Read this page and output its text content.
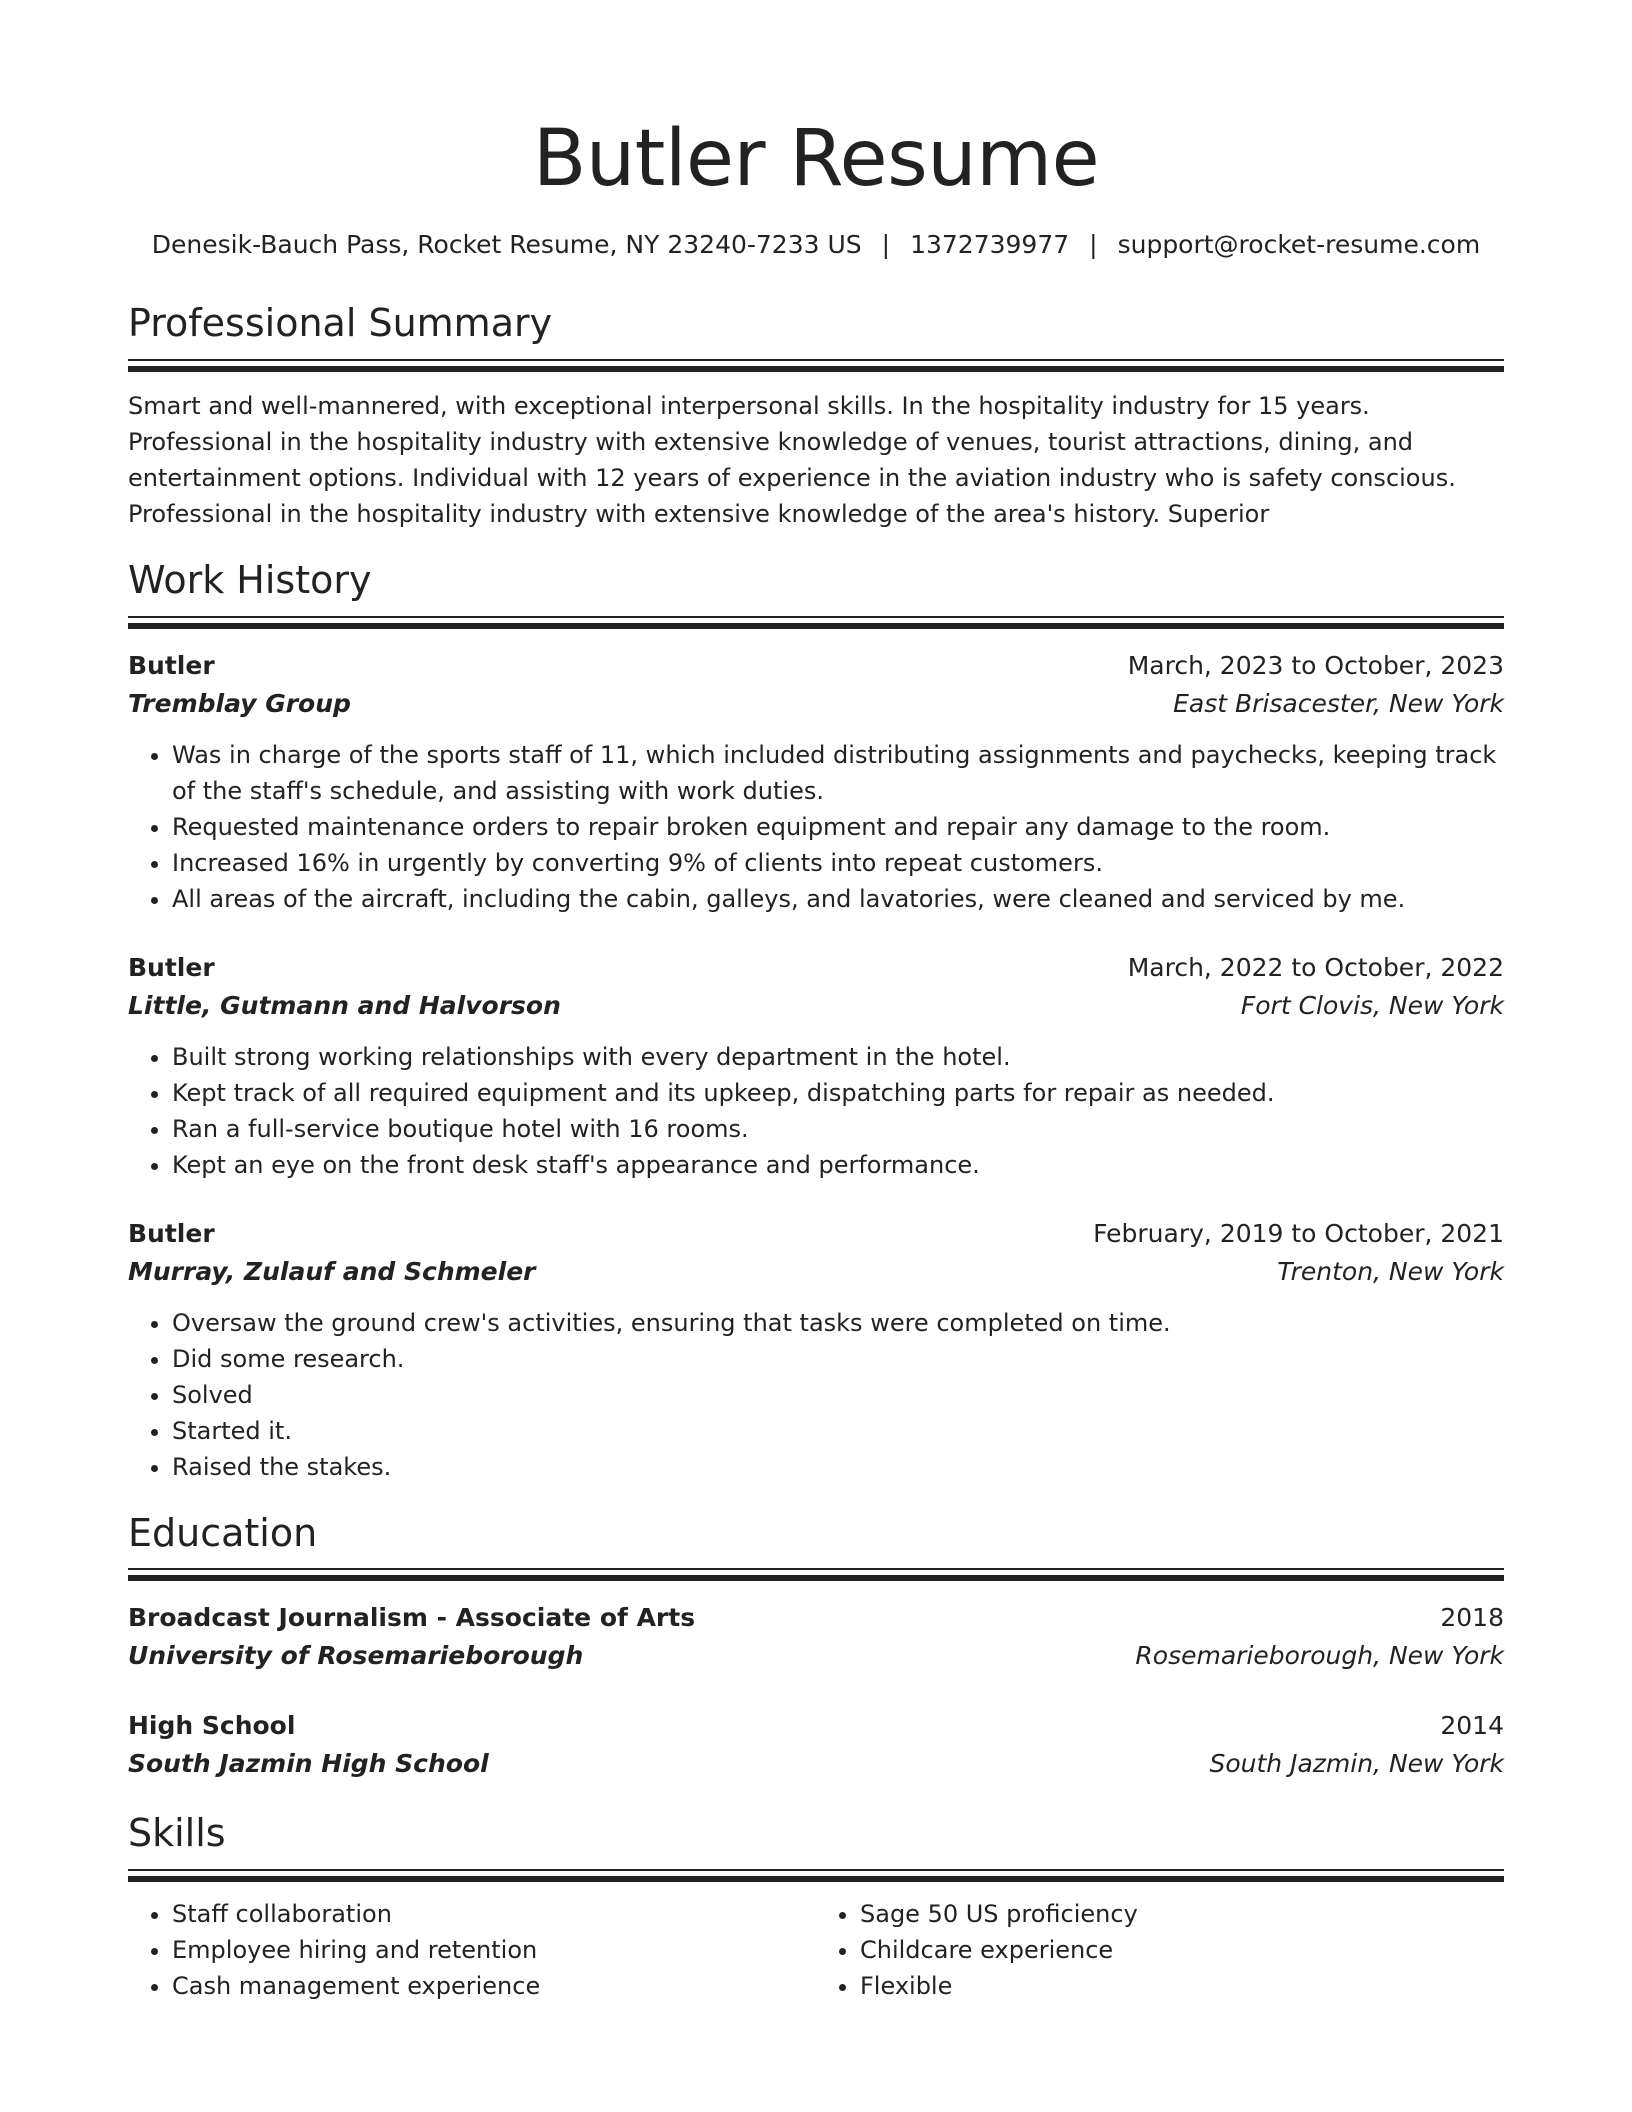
Butler Resume
Denesik-Bauch Pass, Rocket Resume, NY 23240-7233 US | 1372739977 | support@rocket-resume.com
Professional Summary

Smart and well-mannered, with exceptional interpersonal skills. In the hospitality industry for 15 years. Professional in the hospitality industry with extensive knowledge of venues, tourist attractions, dining, and entertainment options. Individual with 12 years of experience in the aviation industry who is safety conscious. Professional in the hospitality industry with extensive knowledge of the area's history. Superior

Work History
Butler	March, 2023 to October, 2023
Tremblay Group	East Brisacester, New York
• Was in charge of the sports staff of 11, which included distributing assignments and paychecks, keeping track of the staff's schedule, and assisting with work duties.
• Requested maintenance orders to repair broken equipment and repair any damage to the room.
• Increased 16% in urgently by converting 9% of clients into repeat customers.
• All areas of the aircraft, including the cabin, galleys, and lavatories, were cleaned and serviced by me.
Butler	March, 2022 to October, 2022
Little, Gutmann and Halvorson	Fort Clovis, New York
• Built strong working relationships with every department in the hotel.
• Kept track of all required equipment and its upkeep, dispatching parts for repair as needed.
• Ran a full-service boutique hotel with 16 rooms.
• Kept an eye on the front desk staff's appearance and performance.
Butler	February, 2019 to October, 2021
Murray, Zulauf and Schmeler	Trenton, New York
• Oversaw the ground crew's activities, ensuring that tasks were completed on time.
• Did some research.
• Solved
• Started it.
• Raised the stakes.
Education
Broadcast Journalism - Associate of Arts	2018
University of Rosemarieborough	Rosemarieborough, New York
High School	2014
South Jazmin High School	South Jazmin, New York
Skills
• Staff collaboration
• Employee hiring and retention
• Cash management experience
• Sage 50 US proficiency
• Childcare experience
• Flexible
